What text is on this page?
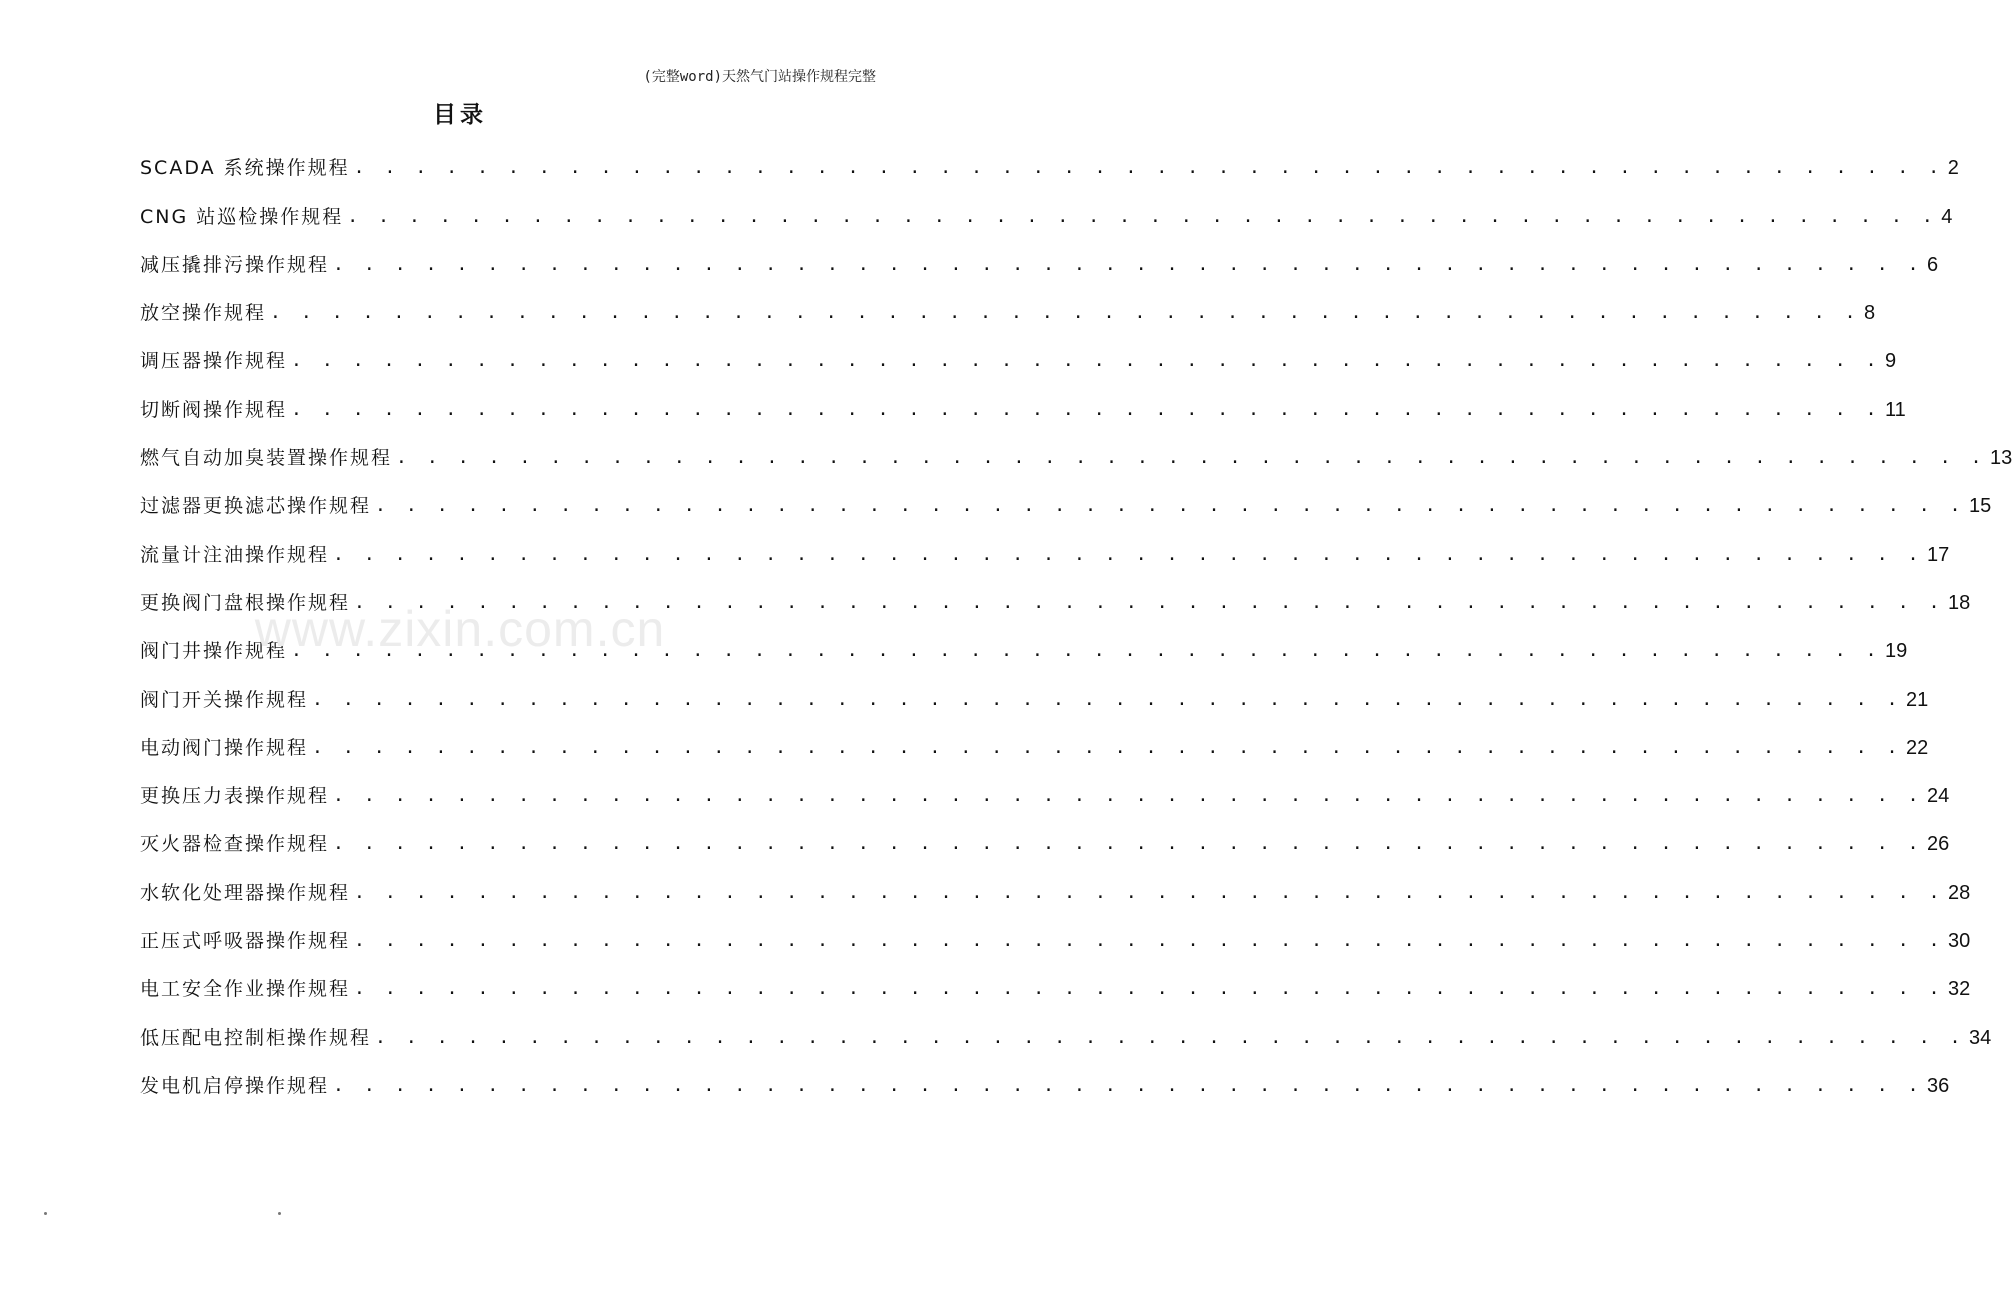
(完整word)天然气门站操作规程完整
目录
SCADA 系统操作规程 . . . . . . . . . . . . . . . . . . . . . . . . . . . . . . . . . . . . . . . . . . . . . . . . . . . . 2
CNG 站巡检操作规程 . . . . . . . . . . . . . . . . . . . . . . . . . . . . . . . . . . . . . . . . . . . . . . . . . . . . 4
减压撬排污操作规程 . . . . . . . . . . . . . . . . . . . . . . . . . . . . . . . . . . . . . . . . . . . . . . . . . . . . 6
放空操作规程 . . . . . . . . . . . . . . . . . . . . . . . . . . . . . . . . . . . . . . . . . . . . . . . . . . . . 8
调压器操作规程 . . . . . . . . . . . . . . . . . . . . . . . . . . . . . . . . . . . . . . . . . . . . . . . . . . . . 9
切断阀操作规程 . . . . . . . . . . . . . . . . . . . . . . . . . . . . . . . . . . . . . . . . . . . . . . . . . . . . 11
燃气自动加臭装置操作规程 . . . . . . . . . . . . . . . . . . . . . . . . . . . . . . . . . . . . . . . . . . . . . . . . . . . . 13
过滤器更换滤芯操作规程 . . . . . . . . . . . . . . . . . . . . . . . . . . . . . . . . . . . . . . . . . . . . . . . . . . . . 15
流量计注油操作规程 . . . . . . . . . . . . . . . . . . . . . . . . . . . . . . . . . . . . . . . . . . . . . . . . . . . . 17
更换阀门盘根操作规程 . . . . . . . . . . . . . . . . . . . . . . . . . . . . . . . . . . . . . . . . . . . . . . . . . . . . 18
阀门井操作规程 . . . . . . . . . . . . . . . . . . . . . . . . . . . . . . . . . . . . . . . . . . . . . . . . . . . . 19
阀门开关操作规程 . . . . . . . . . . . . . . . . . . . . . . . . . . . . . . . . . . . . . . . . . . . . . . . . . . . . 21
电动阀门操作规程 . . . . . . . . . . . . . . . . . . . . . . . . . . . . . . . . . . . . . . . . . . . . . . . . . . . . 22
更换压力表操作规程 . . . . . . . . . . . . . . . . . . . . . . . . . . . . . . . . . . . . . . . . . . . . . . . . . . . . 24
灭火器检查操作规程 . . . . . . . . . . . . . . . . . . . . . . . . . . . . . . . . . . . . . . . . . . . . . . . . . . . . 26
水软化处理器操作规程 . . . . . . . . . . . . . . . . . . . . . . . . . . . . . . . . . . . . . . . . . . . . . . . . . . . . 28
正压式呼吸器操作规程 . . . . . . . . . . . . . . . . . . . . . . . . . . . . . . . . . . . . . . . . . . . . . . . . . . . . 30
电工安全作业操作规程 . . . . . . . . . . . . . . . . . . . . . . . . . . . . . . . . . . . . . . . . . . . . . . . . . . . . 32
低压配电控制柜操作规程 . . . . . . . . . . . . . . . . . . . . . . . . . . . . . . . . . . . . . . . . . . . . . . . . . . . . 34
发电机启停操作规程 . . . . . . . . . . . . . . . . . . . . . . . . . . . . . . . . . . . . . . . . . . . . . . . . . . . . 36
www.zixin.com.cn
